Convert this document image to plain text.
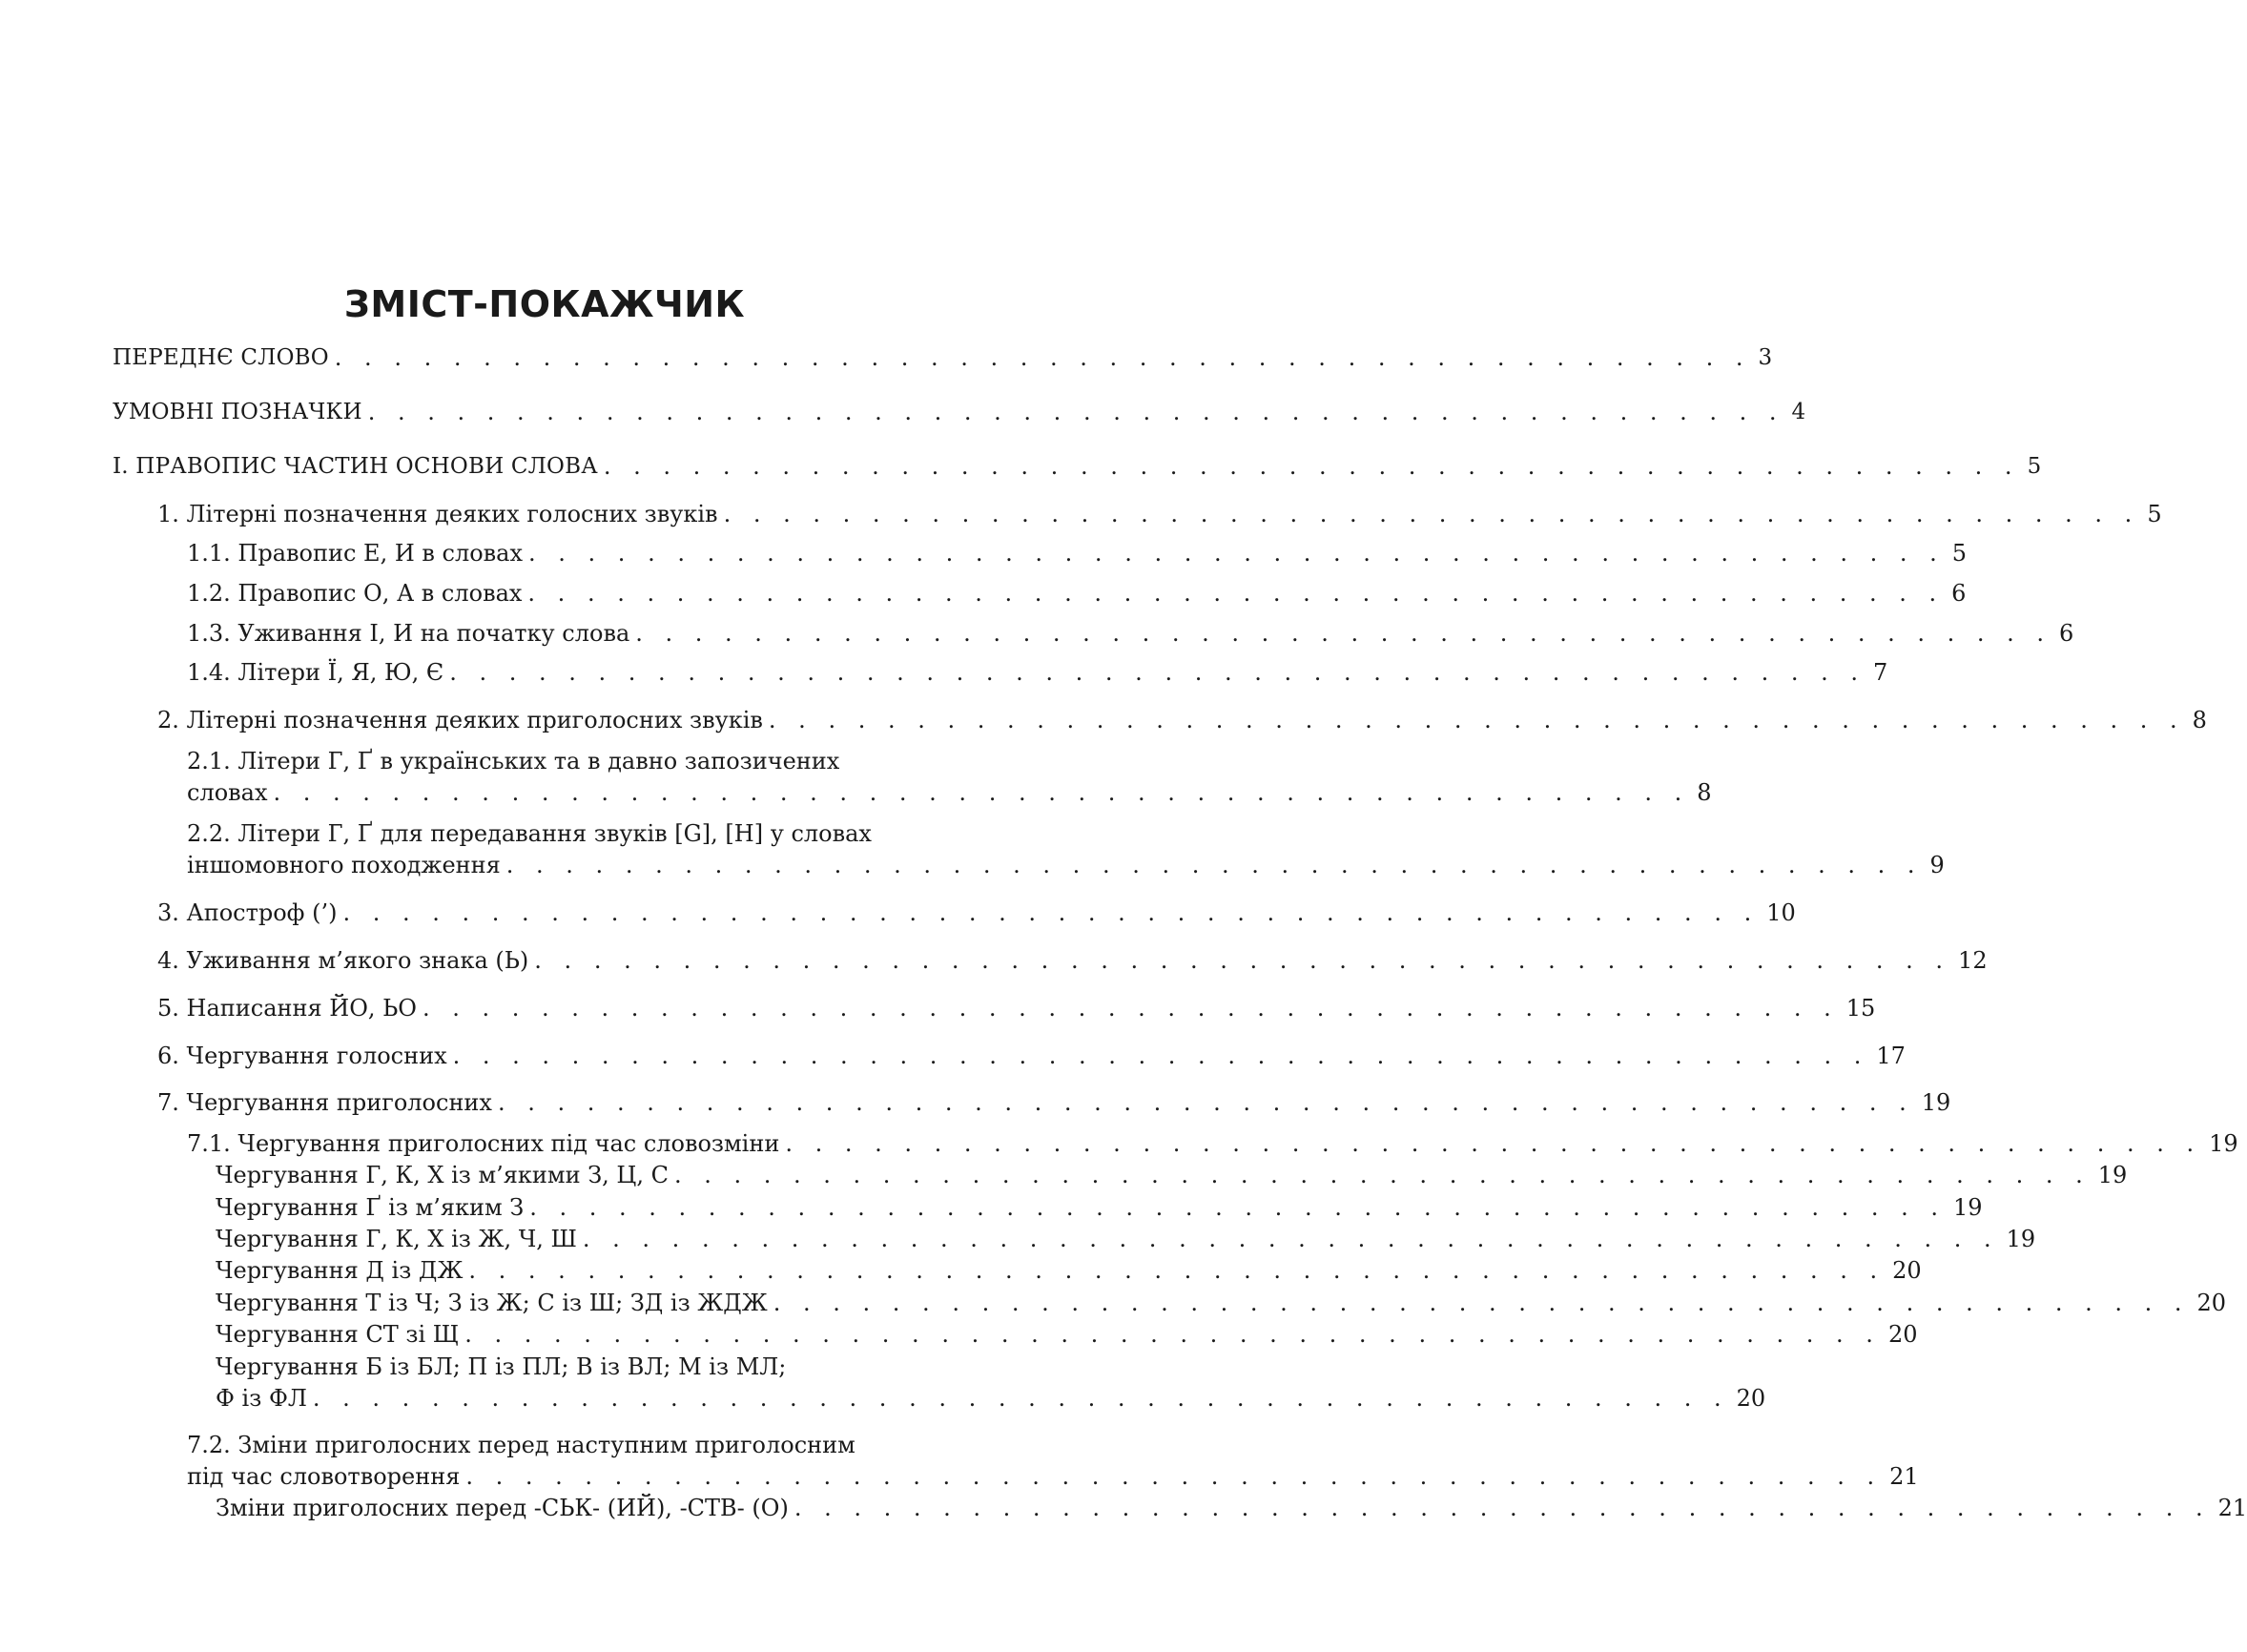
ЗМІСТ-ПОКАЖЧИК
ПЕРЕДНЄ СЛОВО . . . . . . . . . . . . . . . . . . . . . . . . . . . . . . . . . . . . . . . . . . . . . . . . 3
УМОВНІ ПОЗНАЧКИ . . . . . . . . . . . . . . . . . . . . . . . . . . . . . . . . . . . . . . . . . . . . . . . . 4
І. ПРАВОПИС ЧАСТИН ОСНОВИ СЛОВА . . . . . . . . . . . . . . . . . . . . . . . . . . . . . . . . . . . . . . . . . . . . . . . . 5
1. Літерні позначення деяких голосних звуків . . . . . . . . . . . . . . . . . . . . . . . . . . . . . . . . . . . . . . . . . . . . . . . . 5
1.1. Правопис Е, И в словах . . . . . . . . . . . . . . . . . . . . . . . . . . . . . . . . . . . . . . . . . . . . . . . . 5
1.2. Правопис О, А в словах . . . . . . . . . . . . . . . . . . . . . . . . . . . . . . . . . . . . . . . . . . . . . . . . 6
1.3. Уживання І, И на початку слова . . . . . . . . . . . . . . . . . . . . . . . . . . . . . . . . . . . . . . . . . . . . . . . . 6
1.4. Літери Ї, Я, Ю, Є . . . . . . . . . . . . . . . . . . . . . . . . . . . . . . . . . . . . . . . . . . . . . . . . 7
2. Літерні позначення деяких приголосних звуків . . . . . . . . . . . . . . . . . . . . . . . . . . . . . . . . . . . . . . . . . . . . . . . . 8
2.1. Літери Г, Ґ в українських та в давно запозичених
словах . . . . . . . . . . . . . . . . . . . . . . . . . . . . . . . . . . . . . . . . . . . . . . . . 8
2.2. Літери Г, Ґ для передавання звуків [G], [H] у словах
іншомовного походження . . . . . . . . . . . . . . . . . . . . . . . . . . . . . . . . . . . . . . . . . . . . . . . . 9
3. Апостроф (’) . . . . . . . . . . . . . . . . . . . . . . . . . . . . . . . . . . . . . . . . . . . . . . . . 10
4. Уживання м’якого знака (Ь) . . . . . . . . . . . . . . . . . . . . . . . . . . . . . . . . . . . . . . . . . . . . . . . . 12
5. Написання ЙО, ЬО . . . . . . . . . . . . . . . . . . . . . . . . . . . . . . . . . . . . . . . . . . . . . . . . 15
6. Чергування голосних . . . . . . . . . . . . . . . . . . . . . . . . . . . . . . . . . . . . . . . . . . . . . . . . 17
7. Чергування приголосних . . . . . . . . . . . . . . . . . . . . . . . . . . . . . . . . . . . . . . . . . . . . . . . . 19
7.1. Чергування приголосних під час словозміни . . . . . . . . . . . . . . . . . . . . . . . . . . . . . . . . . . . . . . . . . . . . . . . . 19
Чергування Г, К, Х із м’якими З, Ц, С . . . . . . . . . . . . . . . . . . . . . . . . . . . . . . . . . . . . . . . . . . . . . . . . 19
Чергування Ґ із м’яким З . . . . . . . . . . . . . . . . . . . . . . . . . . . . . . . . . . . . . . . . . . . . . . . . 19
Чергування Г, К, Х із Ж, Ч, Ш . . . . . . . . . . . . . . . . . . . . . . . . . . . . . . . . . . . . . . . . . . . . . . . . 19
Чергування Д із ДЖ . . . . . . . . . . . . . . . . . . . . . . . . . . . . . . . . . . . . . . . . . . . . . . . . 20
Чергування Т із Ч; З із Ж; С із Ш; ЗД із ЖДЖ . . . . . . . . . . . . . . . . . . . . . . . . . . . . . . . . . . . . . . . . . . . . . . . . 20
Чергування СТ зі Щ . . . . . . . . . . . . . . . . . . . . . . . . . . . . . . . . . . . . . . . . . . . . . . . . 20
Чергування Б із БЛ; П із ПЛ; В із ВЛ; М із МЛ;
Ф із ФЛ . . . . . . . . . . . . . . . . . . . . . . . . . . . . . . . . . . . . . . . . . . . . . . . . 20
7.2. Зміни приголосних перед наступним приголосним
під час словотворення . . . . . . . . . . . . . . . . . . . . . . . . . . . . . . . . . . . . . . . . . . . . . . . . 21
Зміни приголосних перед -СЬК- (ИЙ), -СТВ- (О) . . . . . . . . . . . . . . . . . . . . . . . . . . . . . . . . . . . . . . . . . . . . . . . . 21
